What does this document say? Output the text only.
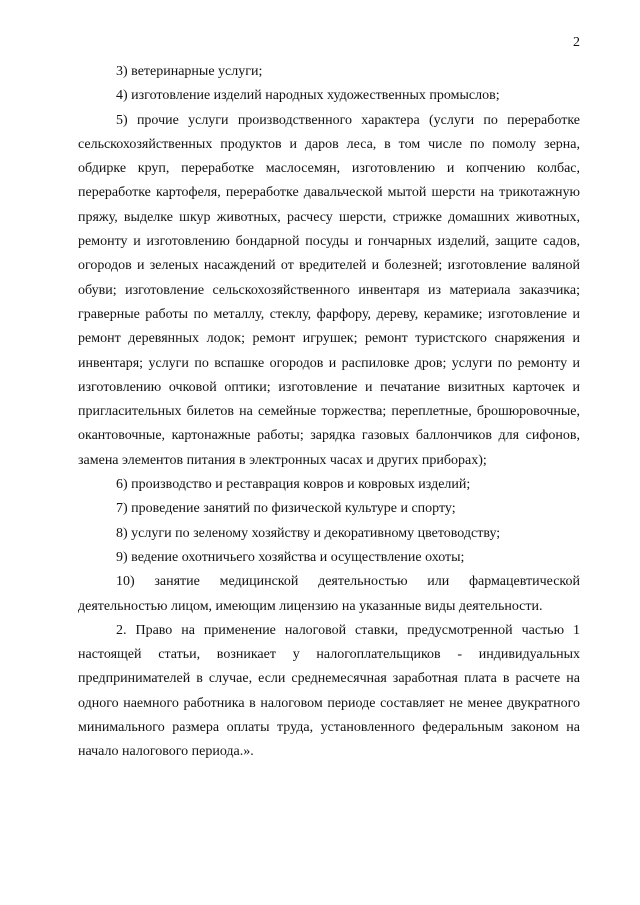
2

3) ветеринарные услуги;

4) изготовление изделий народных художественных промыслов;

5) прочие услуги производственного характера (услуги по переработке сельскохозяйственных продуктов и даров леса, в том числе по помолу зерна, обдирке круп, переработке маслосемян, изготовлению и копчению колбас, переработке картофеля, переработке давальческой мытой шерсти на трикотажную пряжу, выделке шкур животных, расчесу шерсти, стрижке домашних животных, ремонту и изготовлению бондарной посуды и гончарных изделий, защите садов, огородов и зеленых насаждений от вредителей и болезней; изготовление валяной обуви; изготовление сельскохозяйственного инвентаря из материала заказчика; граверные работы по металлу, стеклу, фарфору, дереву, керамике; изготовление и ремонт деревянных лодок; ремонт игрушек; ремонт туристского снаряжения и инвентаря; услуги по вспашке огородов и распиловке дров; услуги по ремонту и изготовлению очковой оптики; изготовление и печатание визитных карточек и пригласительных билетов на семейные торжества; переплетные, брошюровочные, окантовочные, картонажные работы; зарядка газовых баллончиков для сифонов, замена элементов питания в электронных часах и других приборах);

6) производство и реставрация ковров и ковровых изделий;

7) проведение занятий по физической культуре и спорту;

8) услуги по зеленому хозяйству и декоративному цветоводству;

9) ведение охотничьего хозяйства и осуществление охоты;

10) занятие медицинской деятельностью или фармацевтической деятельностью лицом, имеющим лицензию на указанные виды деятельности.

2. Право на применение налоговой ставки, предусмотренной частью 1 настоящей статьи, возникает у налогоплательщиков - индивидуальных предпринимателей в случае, если среднемесячная заработная плата в расчете на одного наемного работника в налоговом периоде составляет не менее двукратного минимального размера оплаты труда, установленного федеральным законом на начало налогового периода.».
